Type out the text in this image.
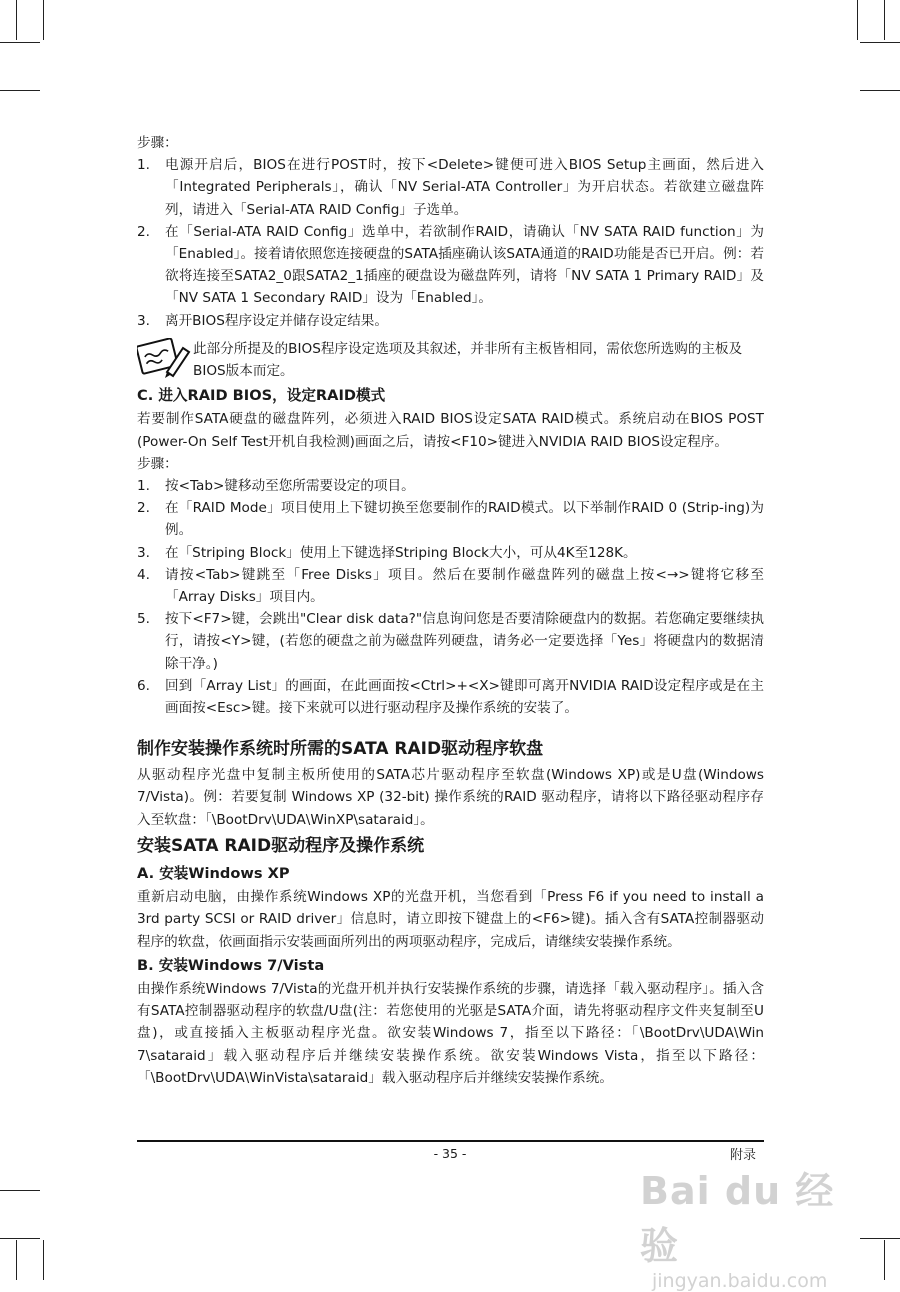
步骤：

1.	电源开启后，BIOS在进行POST时，按下<Delete>键便可进入BIOS Setup主画面，然后进入「Integrated Peripherals」，确认「NV Serial-ATA Controller」为开启状态。若欲建立磁盘阵列，请进入「Serial-ATA RAID Config」子选单。
2.	在「Serial-ATA RAID Config」选单中，若欲制作RAID，请确认「NV SATA RAID function」为「Enabled」。接着请依照您连接硬盘的SATA插座确认该SATA通道的RAID功能是否已开启。例：若欲将连接至SATA2_0跟SATA2_1插座的硬盘设为磁盘阵列，请将「NV SATA 1 Primary RAID」及「NV SATA 1 Secondary RAID」设为「Enabled」。
3.	离开BIOS程序设定并储存设定结果。
此部分所提及的BIOS程序设定选项及其叙述，并非所有主板皆相同，需依您所选购的主板及BIOS版本而定。

C. 进入RAID BIOS，设定RAID模式

若要制作SATA硬盘的磁盘阵列，必须进入RAID BIOS设定SATA RAID模式。系统启动在BIOS POST (Power-On Self Test开机自我检测)画面之后，请按<F10>键进入NVIDIA RAID BIOS设定程序。

步骤：

1.	按<Tab>键移动至您所需要设定的项目。
2.	在「RAID Mode」项目使用上下键切换至您要制作的RAID模式。以下举制作RAID 0 (Strip-ing)为例。
3.	在「Striping Block」使用上下键选择Striping Block大小，可从4K至128K。
4.	请按<Tab>键跳至「Free Disks」项目。然后在要制作磁盘阵列的磁盘上按<→>键将它移至「Array Disks」项目内。
5.	按下<F7>键，会跳出"Clear disk data?"信息询问您是否要清除硬盘内的数据。若您确定要继续执行，请按<Y>键，(若您的硬盘之前为磁盘阵列硬盘，请务必一定要选择「Yes」将硬盘内的数据清除干净。)
6.	回到「Array List」的画面，在此画面按<Ctrl>+<X>键即可离开NVIDIA RAID设定程序或是在主画面按<Esc>键。接下来就可以进行驱动程序及操作系统的安装了。

制作安装操作系统时所需的SATA RAID驱动程序软盘

从驱动程序光盘中复制主板所使用的SATA芯片驱动程序至软盘(Windows XP)或是U盘(Windows 7/Vista)。例：若要复制 Windows XP (32-bit) 操作系统的RAID 驱动程序，请将以下路径驱动程序存入至软盘：「\BootDrv\UDA\WinXP\sataraid」。

安装SATA RAID驱动程序及操作系统

A. 安装Windows XP

重新启动电脑，由操作系统Windows XP的光盘开机，当您看到「Press F6 if you need to install a 3rd party SCSI or RAID driver」信息时，请立即按下键盘上的<F6>键)。插入含有SATA控制器驱动程序的软盘，依画面指示安装画面所列出的两项驱动程序，完成后，请继续安装操作系统。

B. 安装Windows 7/Vista

由操作系统Windows 7/Vista的光盘开机并执行安装操作系统的步骤，请选择「载入驱动程序」。插入含有SATA控制器驱动程序的软盘/U盘(注：若您使用的光驱是SATA介面，请先将驱动程序文件夹复制至U盘)，或直接插入主板驱动程序光盘。欲安装Windows 7，指至以下路径：「\BootDrv\UDA\Win 7\sataraid」载入驱动程序后并继续安装操作系统。欲安装Windows Vista，指至以下路径：「\BootDrv\UDA\WinVista\sataraid」载入驱动程序后并继续安装操作系统。

- 35 -	附录
Bai du 经验
jingyan.baidu.com
